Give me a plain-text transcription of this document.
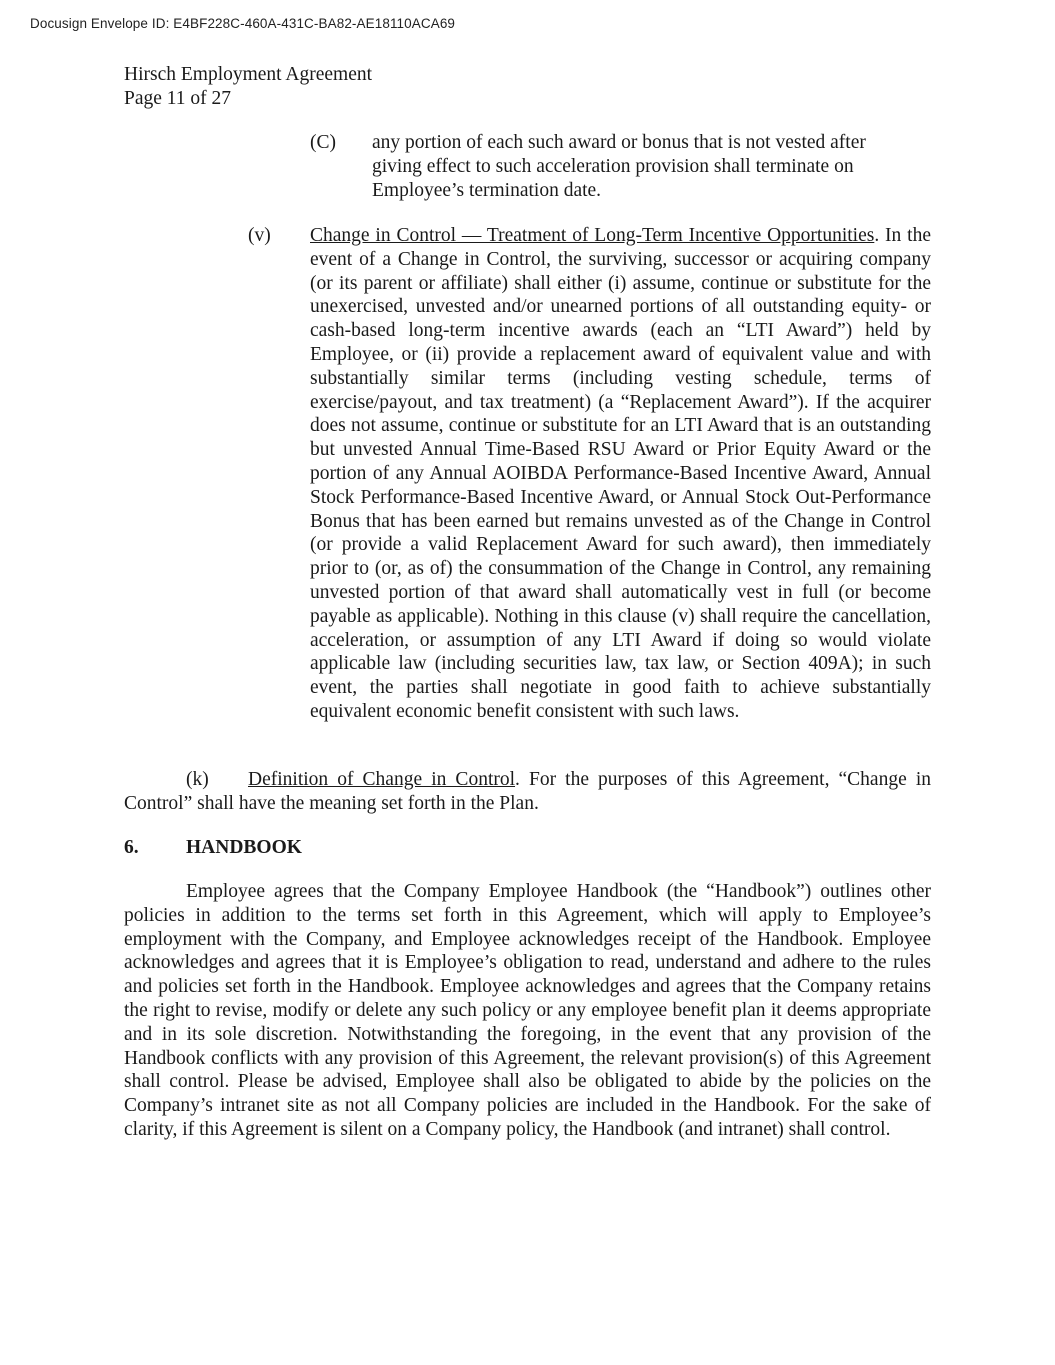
Docusign Envelope ID: E4BF228C-460A-431C-BA82-AE18110ACA69
Hirsch Employment Agreement
Page 11 of 27
(C) any portion of each such award or bonus that is not vested after giving effect to such acceleration provision shall terminate on Employee’s termination date.
(v) Change in Control — Treatment of Long-Term Incentive Opportunities. In the event of a Change in Control, the surviving, successor or acquiring company (or its parent or affiliate) shall either (i) assume, continue or substitute for the unexercised, unvested and/or unearned portions of all outstanding equity- or cash-based long-term incentive awards (each an “LTI Award”) held by Employee, or (ii) provide a replacement award of equivalent value and with substantially similar terms (including vesting schedule, terms of exercise/payout, and tax treatment) (a “Replacement Award”). If the acquirer does not assume, continue or substitute for an LTI Award that is an outstanding but unvested Annual Time-Based RSU Award or Prior Equity Award or the portion of any Annual AOIBDA Performance-Based Incentive Award, Annual Stock Performance-Based Incentive Award, or Annual Stock Out-Performance Bonus that has been earned but remains unvested as of the Change in Control (or provide a valid Replacement Award for such award), then immediately prior to (or, as of) the consummation of the Change in Control, any remaining unvested portion of that award shall automatically vest in full (or become payable as applicable). Nothing in this clause (v) shall require the cancellation, acceleration, or assumption of any LTI Award if doing so would violate applicable law (including securities law, tax law, or Section 409A); in such event, the parties shall negotiate in good faith to achieve substantially equivalent economic benefit consistent with such laws.
(k) Definition of Change in Control. For the purposes of this Agreement, “Change in Control” shall have the meaning set forth in the Plan.
6. HANDBOOK
Employee agrees that the Company Employee Handbook (the “Handbook”) outlines other policies in addition to the terms set forth in this Agreement, which will apply to Employee’s employment with the Company, and Employee acknowledges receipt of the Handbook. Employee acknowledges and agrees that it is Employee’s obligation to read, understand and adhere to the rules and policies set forth in the Handbook. Employee acknowledges and agrees that the Company retains the right to revise, modify or delete any such policy or any employee benefit plan it deems appropriate and in its sole discretion. Notwithstanding the foregoing, in the event that any provision of the Handbook conflicts with any provision of this Agreement, the relevant provision(s) of this Agreement shall control. Please be advised, Employee shall also be obligated to abide by the policies on the Company’s intranet site as not all Company policies are included in the Handbook. For the sake of clarity, if this Agreement is silent on a Company policy, the Handbook (and intranet) shall control.
